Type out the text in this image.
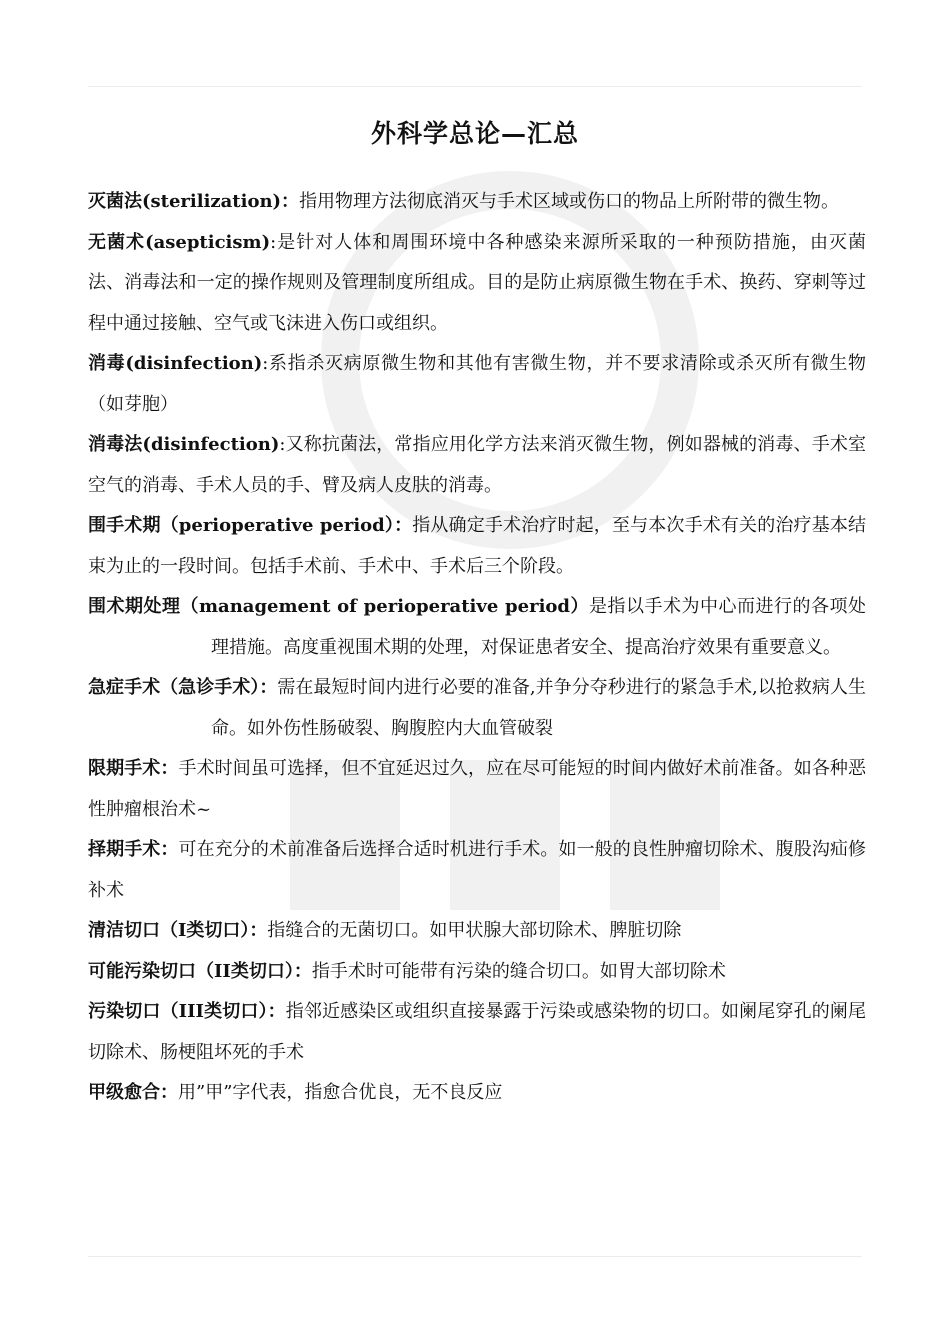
外科学总论—汇总

灭菌法(sterilization)：指用物理方法彻底消灭与手术区域或伤口的物品上所附带的微生物。

无菌术(asepticism):是针对人体和周围环境中各种感染来源所采取的一种预防措施，由灭菌法、消毒法和一定的操作规则及管理制度所组成。目的是防止病原微生物在手术、换药、穿刺等过程中通过接触、空气或飞沫进入伤口或组织。

消毒(disinfection):系指杀灭病原微生物和其他有害微生物，并不要求清除或杀灭所有微生物（如芽胞）

消毒法(disinfection):又称抗菌法，常指应用化学方法来消灭微生物，例如器械的消毒、手术室空气的消毒、手术人员的手、臂及病人皮肤的消毒。

围手术期（perioperative period）：指从确定手术治疗时起，至与本次手术有关的治疗基本结束为止的一段时间。包括手术前、手术中、手术后三个阶段。

围术期处理（management of perioperative period）是指以手术为中心而进行的各项处理措施。高度重视围术期的处理，对保证患者安全、提高治疗效果有重要意义。

急症手术（急诊手术）：需在最短时间内进行必要的准备,并争分夺秒进行的紧急手术,以抢救病人生命。如外伤性肠破裂、胸腹腔内大血管破裂

限期手术：手术时间虽可选择，但不宜延迟过久，应在尽可能短的时间内做好术前准备。如各种恶性肿瘤根治术~

择期手术：可在充分的术前准备后选择合适时机进行手术。如一般的良性肿瘤切除术、腹股沟疝修补术

清洁切口（I类切口）：指缝合的无菌切口。如甲状腺大部切除术、脾脏切除

可能污染切口（II类切口）：指手术时可能带有污染的缝合切口。如胃大部切除术

污染切口（III类切口）：指邻近感染区或组织直接暴露于污染或感染物的切口。如阑尾穿孔的阑尾切除术、肠梗阻坏死的手术

甲级愈合：用”甲”字代表，指愈合优良，无不良反应
